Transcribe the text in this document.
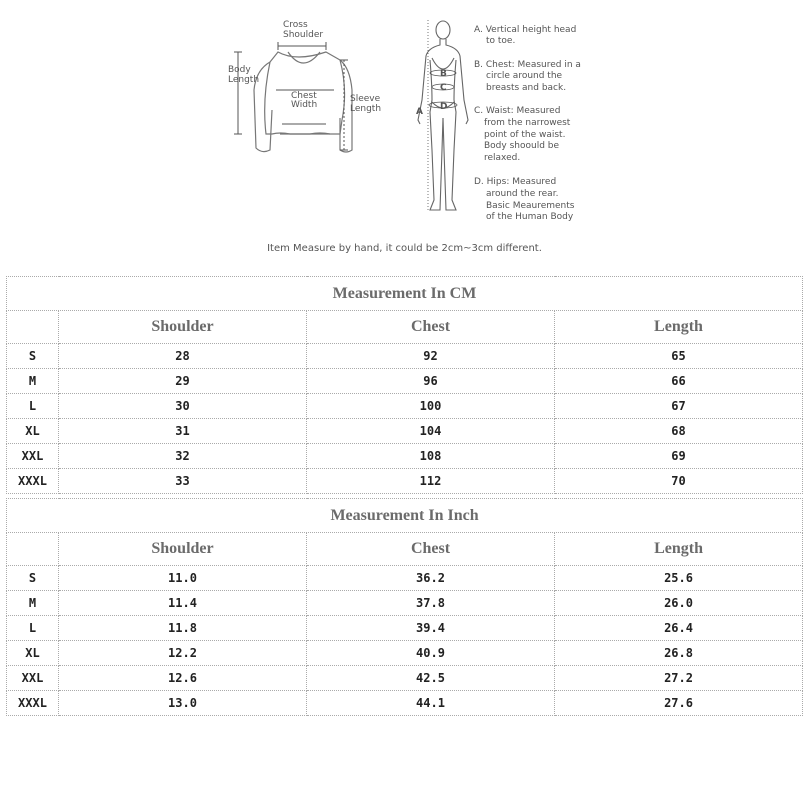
Cross
Shoulder
Body
Length
Chest
Width
Sleeve
Length	A
B
C
D
A. Vertical height head
to toe.
B. Chest: Measured in a
circle around the
breasts and back.
C. Waist: Measured
from the narrowest
point of the waist.
Body shoould be
relaxed.
D. Hips: Measured
around the rear.
Basic Meaurements
of the Human Body
Item Measure by hand, it could be 2cm~3cm different.
Measurement In CM			
	Shoulder	Chest	Length
S	28	92	65
M	29	96	66
L	30	100	67
XL	31	104	68
XXL	32	108	69
XXXL	33	112	70
Measurement In Inch			
	Shoulder	Chest	Length
S	11.0	36.2	25.6
M	11.4	37.8	26.0
L	11.8	39.4	26.4
XL	12.2	40.9	26.8
XXL	12.6	42.5	27.2
XXXL	13.0	44.1	27.6
